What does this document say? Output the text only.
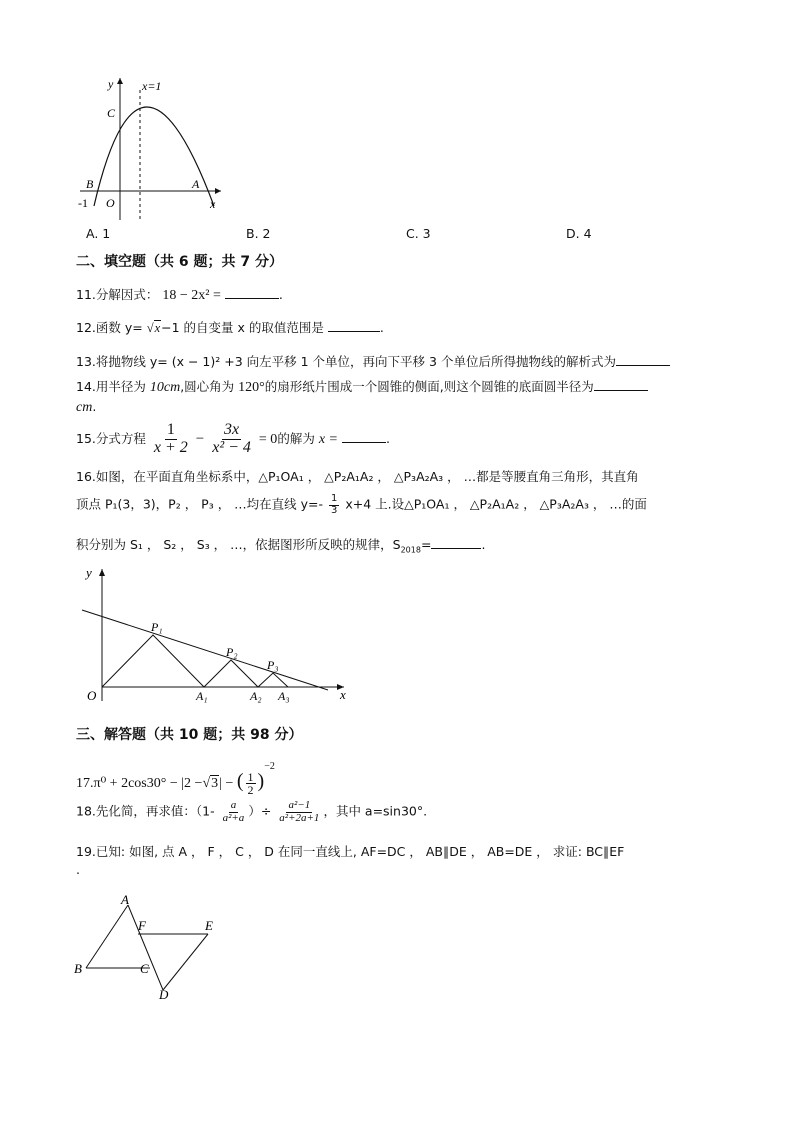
y x=1
C
B	A
-1 O	x
A. 1	B. 2	C. 3	D. 4
二、填空题（共 6 题；共 7 分）
11.分解因式： 18 − 2x² =	.
12.函数 y= √x−1 的自变量 x 的取值范围是	.
13.将抛物线 y= (x − 1)² +3 向左平移 1 个单位，再向下平移 3 个单位后所得抛物线的解析式为
14.用半径为 10cm,圆心角为 120°的扇形纸片围成一个圆锥的侧面,则这个圆锥的底面圆半径为
cm.
15.分式方程 $\frac{1}{x + 2} - \frac{3x}{\text{x² − 4}} = 0$的解为 x =	.
16.如图，在平面直角坐标系中，△P₁OA₁ ， △P₂A₁A₂ ， △P₃A₂A₃ ， …都是等腰直角三角形，其直角
顶点 P₁(3，3)，P₂ ， P₃ ， …均在直线 $y=- \frac{1}{3} x+4$ 上.设△P₁OA₁ ， △P₂A₁A₂ ， △P₃A₂A₃ ， …的面
积分别为 S₁ ， S₂ ， S₃ ， …，依据图形所反映的规律，$S_{2018}=$	.
y
x
O
P₁
P₂
P₃
A₁	A₂ A₃
三、解答题（共 10 题；共 98 分）
17.π⁰ + 2cos30° − |2 −√3| − ( $\frac{1}{2} )^{-2}$
18.先化简，再求值：（$1- \frac{a}{\text{a²+a}}$ ）÷ $\frac{\text{a²−1}}{\text{a²+2a+1}}$ ，其中 a=sin30°.
19.已知: 如图, 点 A ， F ， C ， D 在同一直线上, AF=DC ， AB∥DE ， AB=DE ， 求证: BC∥EF
.
A
F	E
B	C
D
